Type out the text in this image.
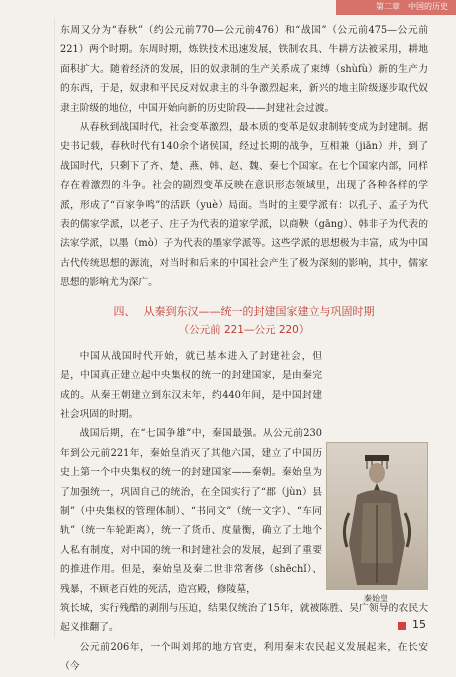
第二章　中国的历史

东周又分为“春秋”（约公元前770—公元前476）和“战国”（公元前475—公元前221）两个时期。东周时期，炼铁技术迅速发展，铁制农具、牛耕方法被采用，耕地面积扩大。随着经济的发展，旧的奴隶制的生产关系成了束缚（shùfù）新的生产力的东西，于是，奴隶和平民反对奴隶主的斗争激烈起来，新兴的地主阶级逐步取代奴隶主阶级的地位，中国开始向新的历史阶段——封建社会过渡。

从春秋到战国时代，社会变革激烈，最本质的变革是奴隶制转变成为封建制。据史书记载，春秋时代有140余个诸侯国，经过长期的战争，互相兼（jiān）并，到了战国时代，只剩下了齐、楚、燕、韩、赵、魏、秦七个国家。在七个国家内部，同样存在着激烈的斗争。社会的剧烈变革反映在意识形态领域里，出现了各种各样的学派，形成了“百家争鸣”的活跃（yuè）局面。当时的主要学派有：以孔子、孟子为代表的儒家学派，以老子、庄子为代表的道家学派，以商鞅（gāng）、韩非子为代表的法家学派，以墨（mò）子为代表的墨家学派等。这些学派的思想极为丰富，成为中国古代传统思想的源流，对当时和后来的中国社会产生了极为深刻的影响，其中，儒家思想的影响尤为深广。

四、 从秦到东汉——统一的封建国家建立与巩固时期
（公元前 221—公元 220）

中国从战国时代开始，就已基本进入了封建社会，但是，中国真正建立起中央集权的统一的封建国家，是由秦完成的。从秦王朝建立到东汉末年，约440年间，是中国封建社会巩固的时期。

战国后期，在“七国争雄”中，秦国最强。从公元前230年到公元前221年，秦始皇消灭了其他六国，建立了中国历史上第一个中央集权的统一的封建国家——秦朝。秦始皇为了加强统一，巩固自己的统治，在全国实行了“郡（jùn）县制”（中央集权的管理体制）、“书同文”（统一文字）、“车同轨”（统一车轮距离），统一了货币、度量衡，确立了土地个人私有制度，对中国的统一和封建社会的发展，起到了重要的推进作用。但是，秦始皇及秦二世非常奢侈（shēchǐ）、残暴，不顾老百姓的死活，造宫殿，修陵墓，

筑长城，实行残酷的剥削与压迫，结果仅统治了15年，就被陈胜、吴广领导的农民大起义推翻了。

公元前206年，一个叫刘邦的地方官吏，利用秦末农民起义发展起来，在长安（今

秦始皇
15
